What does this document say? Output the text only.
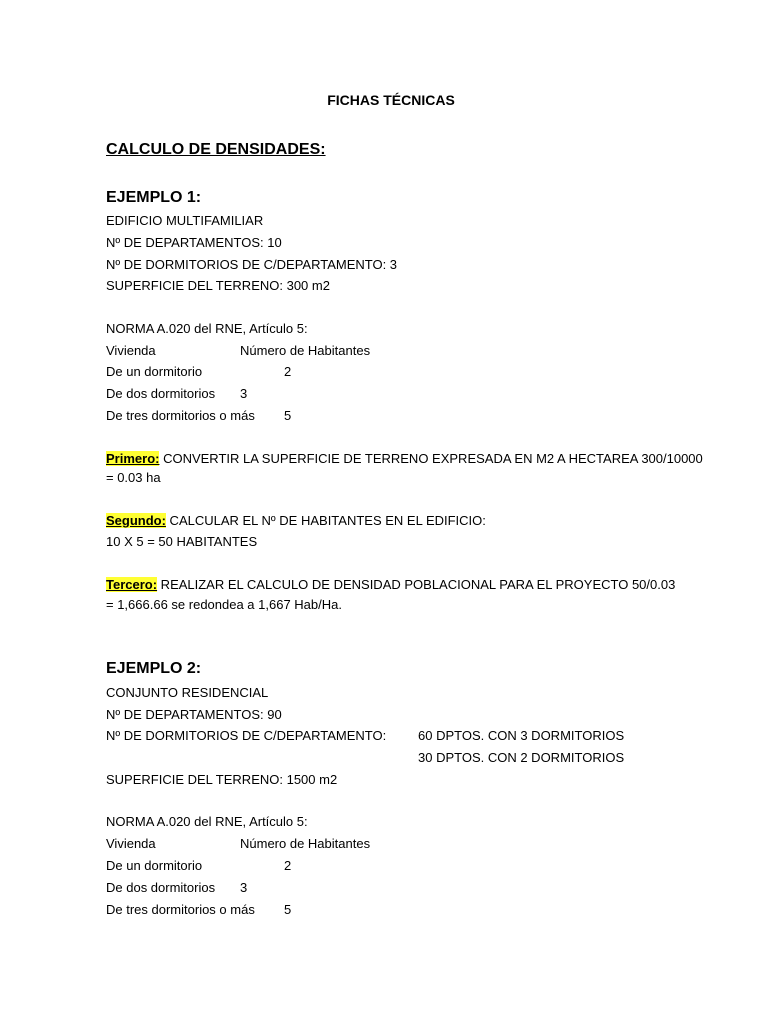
FICHAS TÉCNICAS
CALCULO DE DENSIDADES:
EJEMPLO 1:
EDIFICIO MULTIFAMILIAR
Nº DE DEPARTAMENTOS: 10
Nº DE DORMITORIOS DE C/DEPARTAMENTO: 3
SUPERFICIE DEL TERRENO: 300 m2
NORMA A.020 del RNE, Artículo 5:
Vivienda	Número de Habitantes
De un dormitorio	2
De dos dormitorios 3
De tres dormitorios o más 5
Primero: CONVERTIR LA SUPERFICIE DE TERRENO EXPRESADA EN M2 A HECTAREA 300/10000
= 0.03 ha
Segundo: CALCULAR EL Nº DE HABITANTES EN EL EDIFICIO:
10 X 5 = 50 HABITANTES
Tercero: REALIZAR EL CALCULO DE DENSIDAD POBLACIONAL PARA EL PROYECTO 50/0.03
= 1,666.66 se redondea a 1,667 Hab/Ha.
EJEMPLO 2:
CONJUNTO RESIDENCIAL
Nº DE DEPARTAMENTOS: 90
Nº DE DORMITORIOS DE C/DEPARTAMENTO: 60 DPTOS. CON 3 DORMITORIOS
30 DPTOS. CON 2 DORMITORIOS
SUPERFICIE DEL TERRENO: 1500 m2
NORMA A.020 del RNE, Artículo 5:
Vivienda	Número de Habitantes
De un dormitorio	2
De dos dormitorios 3
De tres dormitorios o más 5
